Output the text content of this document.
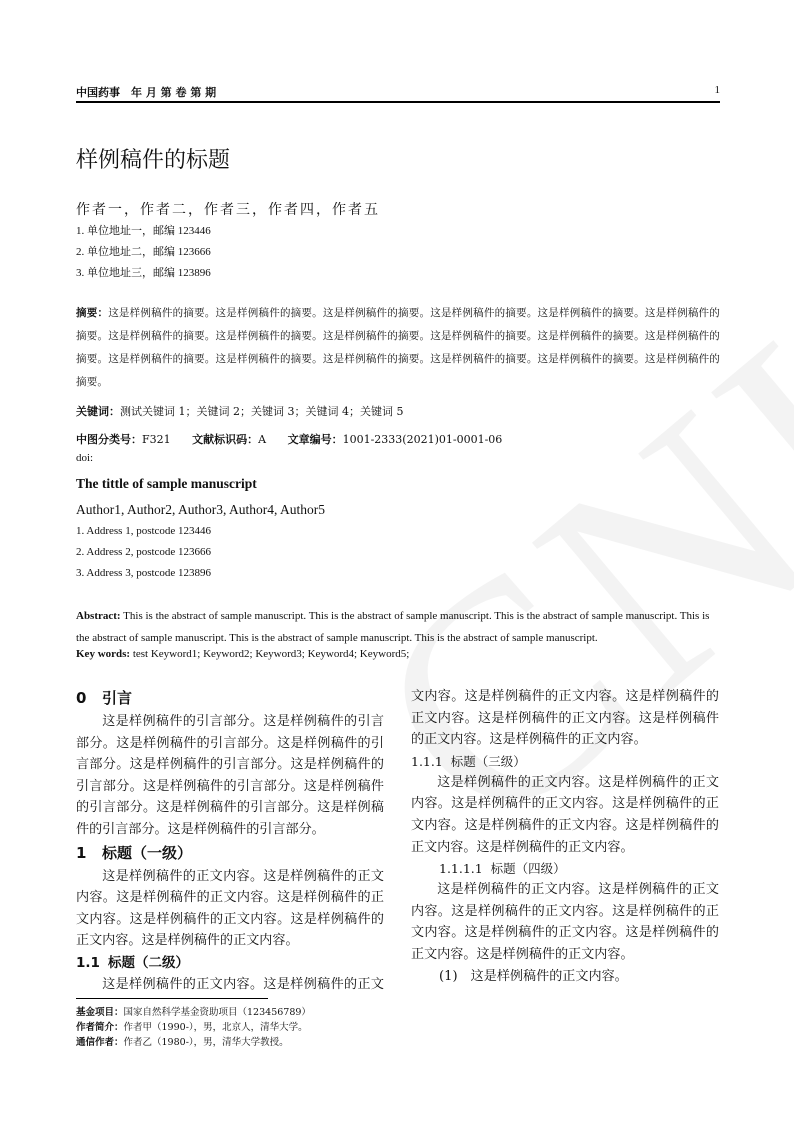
中国药事　年 月 第 卷 第 期	1
样例稿件的标题
作者一，作者二，作者三，作者四，作者五
1. 单位地址一，邮编 123446
2. 单位地址二，邮编 123666
3. 单位地址三，邮编 123896
摘要：这是样例稿件的摘要。这是样例稿件的摘要。这是样例稿件的摘要。这是样例稿件的摘要。这是样例稿件的摘要。这是样例稿件的摘要。这是样例稿件的摘要。这是样例稿件的摘要。这是样例稿件的摘要。这是样例稿件的摘要。这是样例稿件的摘要。这是样例稿件的摘要。这是样例稿件的摘要。这是样例稿件的摘要。这是样例稿件的摘要。这是样例稿件的摘要。这是样例稿件的摘要。这是样例稿件的摘要。
关键词：测试关键词 1；关键词 2；关键词 3；关键词 4；关键词 5
中图分类号：F321 文献标识码：A 文章编号：1001-2333(2021)01-0001-06
doi:
The tittle of sample manuscript
Author1, Author2, Author3, Author4, Author5
1. Address 1, postcode 123446
2. Address 2, postcode 123666
3. Address 3, postcode 123896
Abstract: This is the abstract of sample manuscript. This is the abstract of sample manuscript. This is the abstract of sample manuscript. This is the abstract of sample manuscript. This is the abstract of sample manuscript. This is the abstract of sample manuscript.
Key words: test Keyword1; Keyword2; Keyword3; Keyword4; Keyword5;

0 引言

这是样例稿件的引言部分。这是样例稿件的引言部分。这是样例稿件的引言部分。这是样例稿件的引言部分。这是样例稿件的引言部分。这是样例稿件的引言部分。这是样例稿件的引言部分。这是样例稿件的引言部分。这是样例稿件的引言部分。这是样例稿件的引言部分。这是样例稿件的引言部分。

1 标题（一级）

这是样例稿件的正文内容。这是样例稿件的正文内容。这是样例稿件的正文内容。这是样例稿件的正文内容。这是样例稿件的正文内容。这是样例稿件的正文内容。这是样例稿件的正文内容。

1.1 标题（二级）

这是样例稿件的正文内容。这是样例稿件的正文

文内容。这是样例稿件的正文内容。这是样例稿件的正文内容。这是样例稿件的正文内容。这是样例稿件的正文内容。这是样例稿件的正文内容。

1.1.1  标题（三级）

这是样例稿件的正文内容。这是样例稿件的正文内容。这是样例稿件的正文内容。这是样例稿件的正文内容。这是样例稿件的正文内容。这是样例稿件的正文内容。这是样例稿件的正文内容。

1.1.1.1  标题（四级）

这是样例稿件的正文内容。这是样例稿件的正文内容。这是样例稿件的正文内容。这是样例稿件的正文内容。这是样例稿件的正文内容。这是样例稿件的正文内容。这是样例稿件的正文内容。

(1)　这是样例稿件的正文内容。

基金项目：国家自然科学基金资助项目（123456789）
作者简介：作者甲（1990-），男，北京人，清华大学。
通信作者：作者乙（1980-），男，清华大学教授。
